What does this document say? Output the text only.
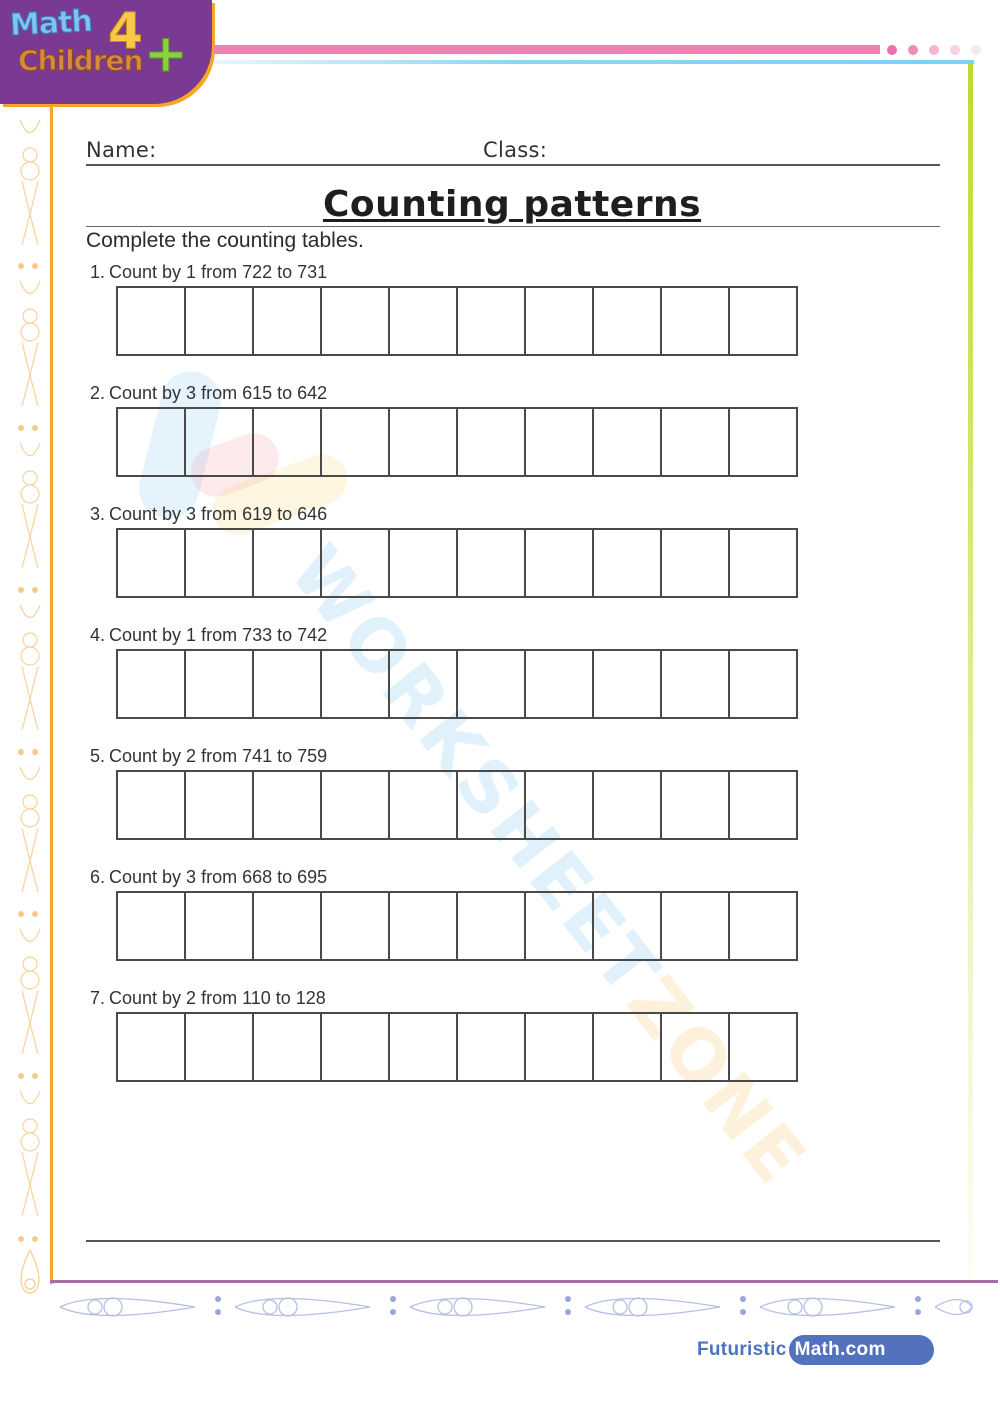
Math 4 +
Children
WORKSHEETZONE
Name:	Class:
Counting patterns
Complete the counting tables.
1. Count by 1 from 722 to 731
2. Count by 3 from 615 to 642
3. Count by 3 from 619 to 646
4. Count by 1 from 733 to 742
5. Count by 2 from 741 to 759
6. Count by 3 from 668 to 695
7. Count by 2 from 110 to 128
Futuristic Math.com
